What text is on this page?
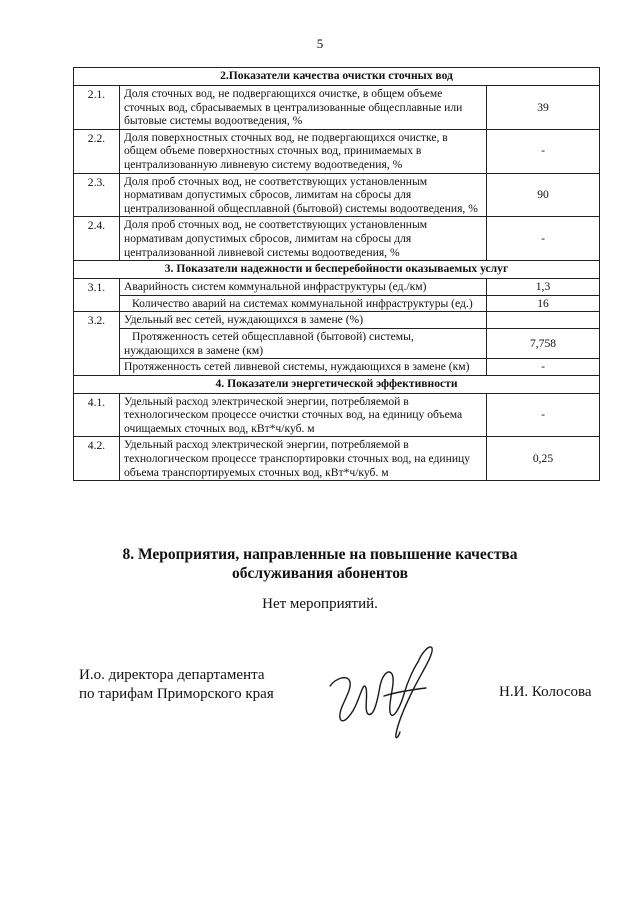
5
2.Показатели качества очистки сточных вод		
2.1.	Доля сточных вод, не подвергающихся очистке, в общем объеме сточных вод, сбрасываемых в централизованные общесплавные или бытовые системы водоотведения, %	39
2.2.	Доля поверхностных сточных вод, не подвергающихся очистке, в общем объеме поверхностных сточных вод, принимаемых в централизованную ливневую систему водоотведения, %	-
2.3.	Доля проб сточных вод, не соответствующих установленным нормативам допустимых сбросов, лимитам на сбросы для централизованной общесплавной (бытовой) системы водоотведения, %	90
2.4.	Доля проб сточных вод, не соответствующих установленным нормативам допустимых сбросов, лимитам на сбросы для централизованной ливневой системы водоотведения, %	-
3. Показатели надежности и бесперебойности оказываемых услуг		
3.1.	Аварийность систем коммунальной инфраструктуры (ед./км)	1,3
	Количество аварий на системах коммунальной инфраструктуры (ед.)	16
3.2.	Удельный вес сетей, нуждающихся в замене (%)	
	Протяженность сетей общесплавной (бытовой) системы, нуждающихся в замене (км)	7,758
	Протяженность сетей ливневой системы, нуждающихся в замене (км)	-
4. Показатели энергетической эффективности		
4.1.	Удельный расход электрической энергии, потребляемой в технологическом процессе очистки сточных вод, на единицу объема очищаемых сточных вод, кВт*ч/куб. м	-
4.2.	Удельный расход электрической энергии, потребляемой в технологическом процессе транспортировки сточных вод, на единицу объема транспортируемых сточных вод, кВт*ч/куб. м	0,25
8. Мероприятия, направленные на повышение качества
обслуживания абонентов
Нет мероприятий.
И.о. директора департамента
по тарифам Приморского края	Н.И. Колосова
